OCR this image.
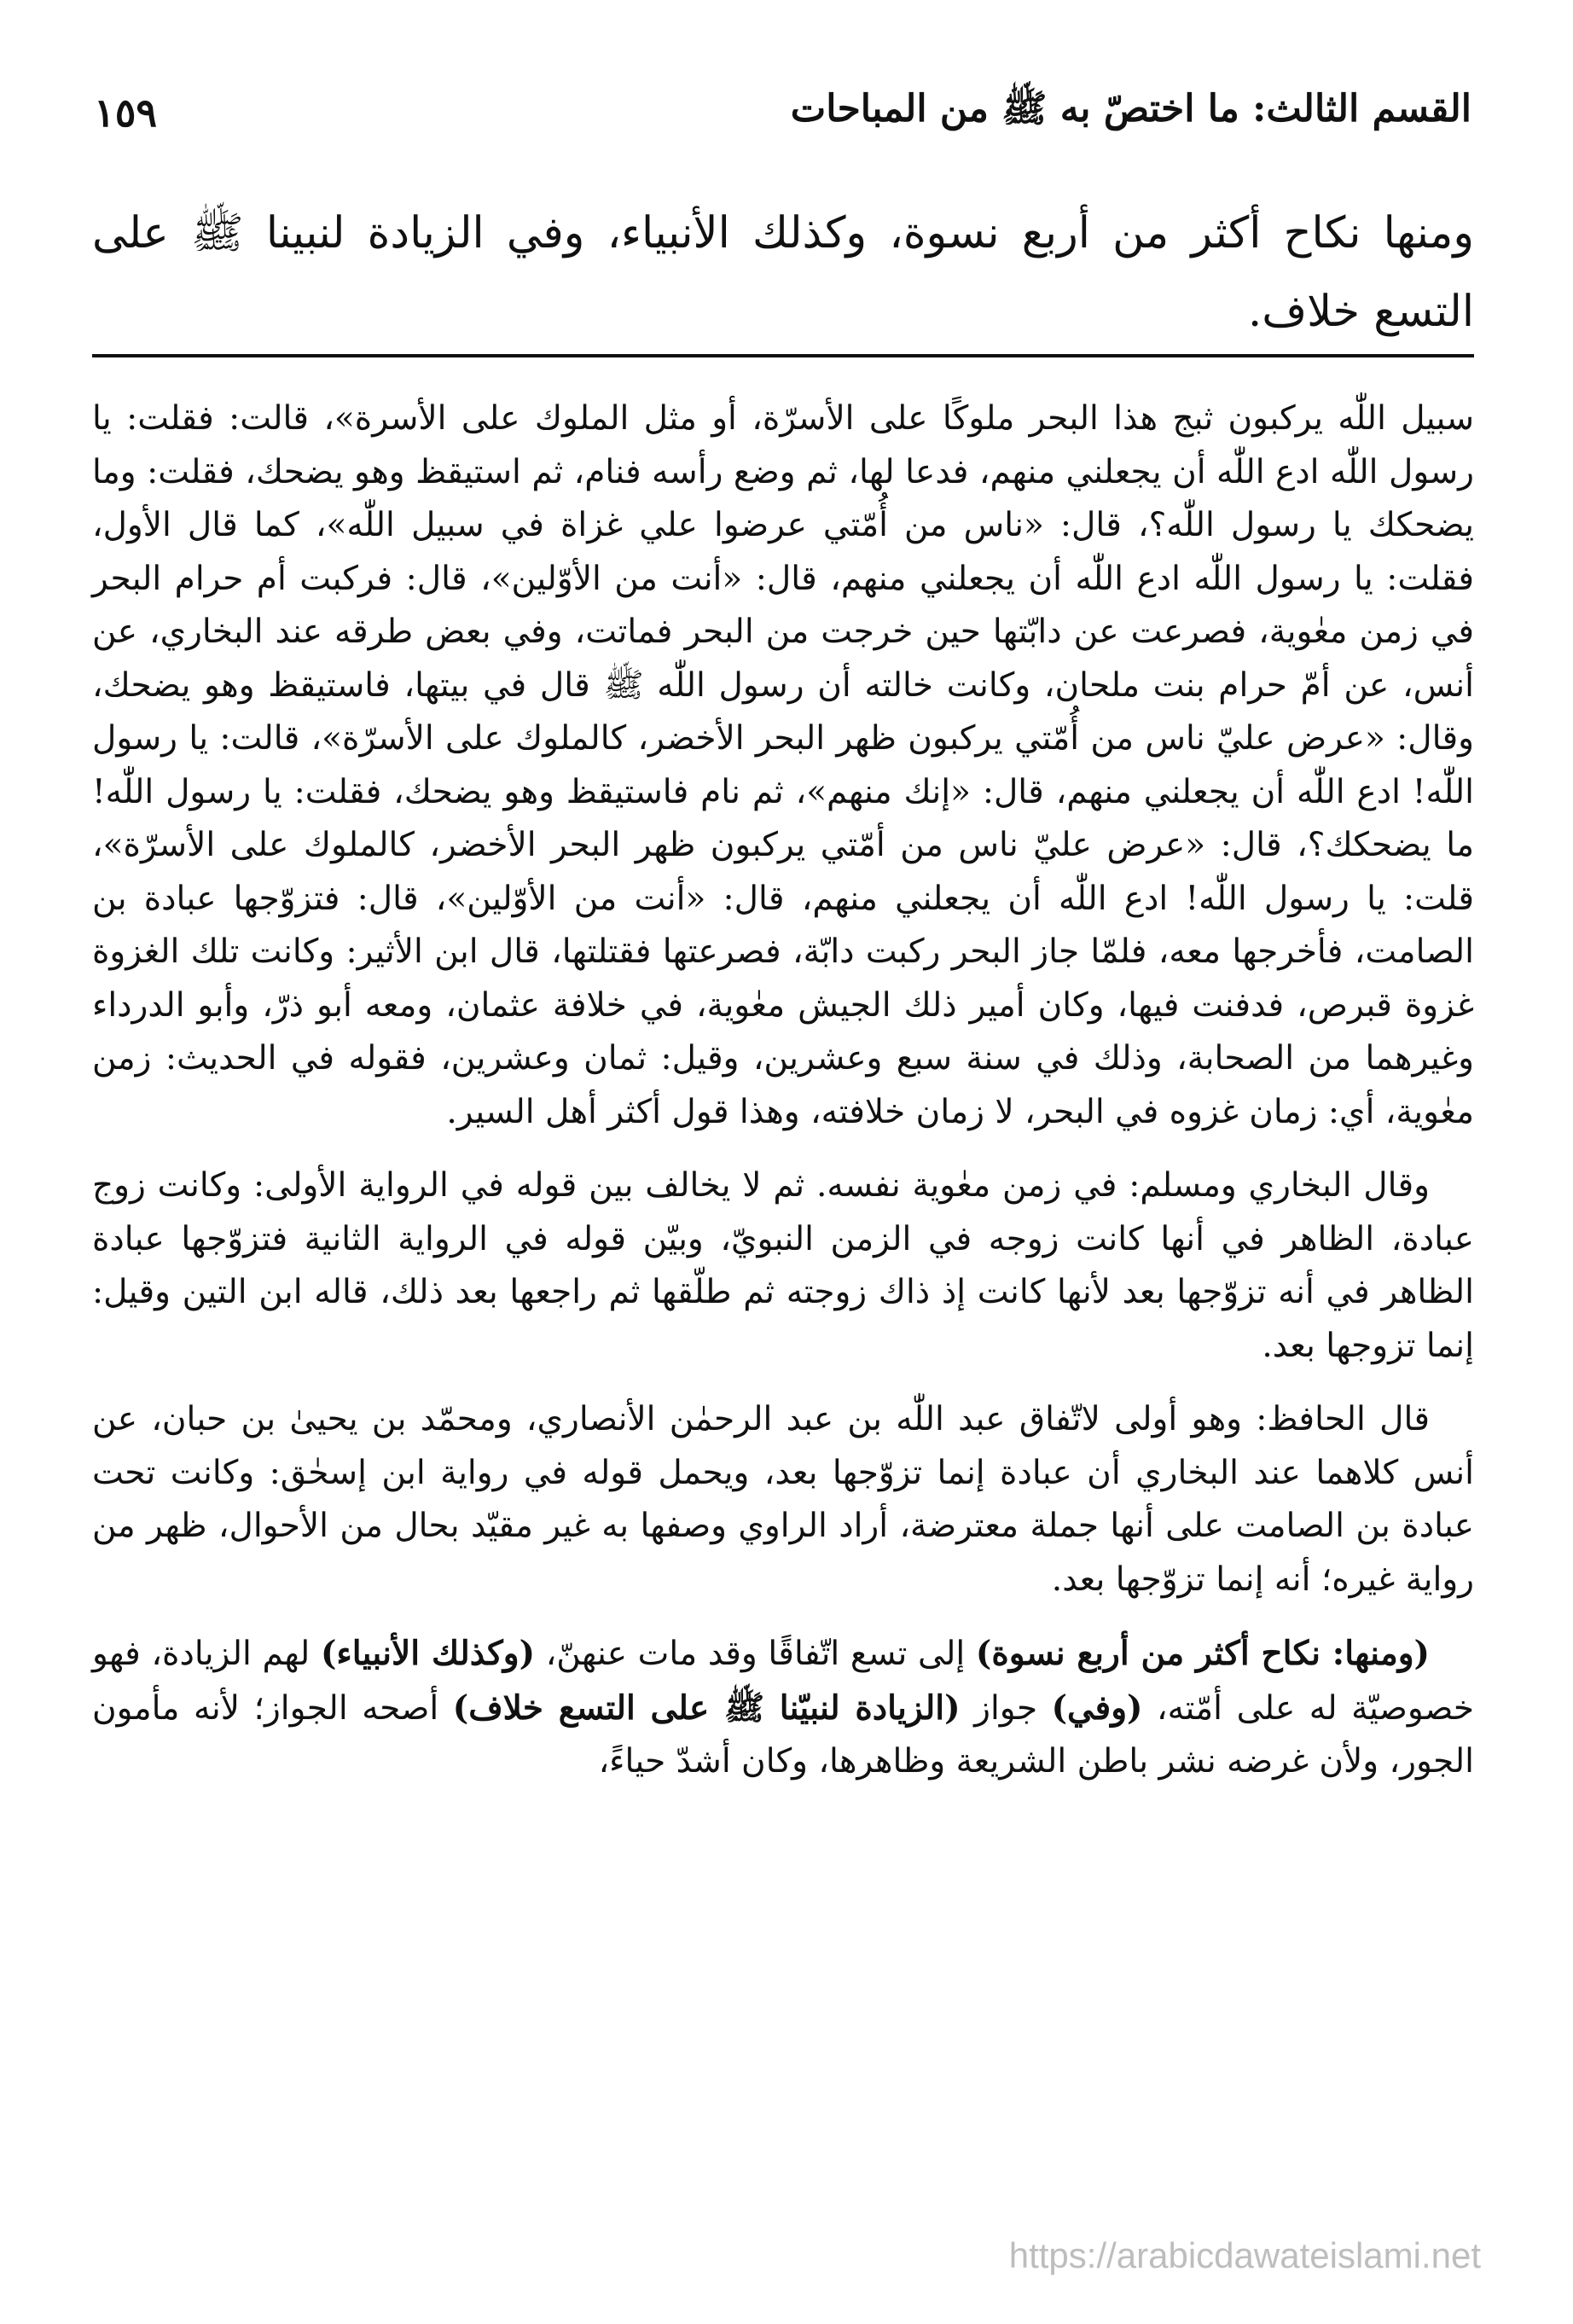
القسم الثالث: ما اختصّ به ﷺ من المباحات
١٥٩
ومنها نكاح أكثر من أربع نسوة، وكذلك الأنبياء، وفي الزيادة لنبينا ﷺ على التسع خلاف.

سبيل اللّٰه يركبون ثبج هذا البحر ملوكًا على الأسرّة، أو مثل الملوك على الأسرة»، قالت: فقلت: يا رسول اللّٰه ادع اللّٰه أن يجعلني منهم، فدعا لها، ثم وضع رأسه فنام، ثم استيقظ وهو يضحك، فقلت: وما يضحكك يا رسول اللّٰه؟، قال: «ناس من أُمّتي عرضوا علي غزاة في سبيل اللّٰه»، كما قال الأول، فقلت: يا رسول اللّٰه ادع اللّٰه أن يجعلني منهم، قال: «أنت من الأوّلين»، قال: فركبت أم حرام البحر في زمن معٰوية، فصرعت عن دابّتها حين خرجت من البحر فماتت، وفي بعض طرقه عند البخاري، عن أنس، عن أمّ حرام بنت ملحان، وكانت خالته أن رسول اللّٰه ﷺ قال في بيتها، فاستيقظ وهو يضحك، وقال: «عرض عليّ ناس من أُمّتي يركبون ظهر البحر الأخضر، كالملوك على الأسرّة»، قالت: يا رسول اللّٰه! ادع اللّٰه أن يجعلني منهم، قال: «إنك منهم»، ثم نام فاستيقظ وهو يضحك، فقلت: يا رسول اللّٰه! ما يضحكك؟، قال: «عرض عليّ ناس من أمّتي يركبون ظهر البحر الأخضر، كالملوك على الأسرّة»، قلت: يا رسول اللّٰه! ادع اللّٰه أن يجعلني منهم، قال: «أنت من الأوّلين»، قال: فتزوّجها عبادة بن الصامت، فأخرجها معه، فلمّا جاز البحر ركبت دابّة، فصرعتها فقتلتها، قال ابن الأثير: وكانت تلك الغزوة غزوة قبرص، فدفنت فيها، وكان أمير ذلك الجيش معٰوية، في خلافة عثمان، ومعه أبو ذرّ، وأبو الدرداء وغيرهما من الصحابة، وذلك في سنة سبع وعشرين، وقيل: ثمان وعشرين، فقوله في الحديث: زمن معٰوية، أي: زمان غزوه في البحر، لا زمان خلافته، وهذا قول أكثر أهل السير.

وقال البخاري ومسلم: في زمن معٰوية نفسه. ثم لا يخالف بين قوله في الرواية الأولى: وكانت زوج عبادة، الظاهر في أنها كانت زوجه في الزمن النبويّ، وبيّن قوله في الرواية الثانية فتزوّجها عبادة الظاهر في أنه تزوّجها بعد لأنها كانت إذ ذاك زوجته ثم طلّقها ثم راجعها بعد ذلك، قاله ابن التين وقيل: إنما تزوجها بعد.

قال الحافظ: وهو أولى لاتّفاق عبد اللّٰه بن عبد الرحمٰن الأنصاري، ومحمّد بن يحيىٰ بن حبان، عن أنس كلاهما عند البخاري أن عبادة إنما تزوّجها بعد، ويحمل قوله في رواية ابن إسحٰق: وكانت تحت عبادة بن الصامت على أنها جملة معترضة، أراد الراوي وصفها به غير مقيّد بحال من الأحوال، ظهر من رواية غيره؛ أنه إنما تزوّجها بعد.

(ومنها: نكاح أكثر من أربع نسوة) إلى تسع اتّفاقًا وقد مات عنهنّ، (وكذلك الأنبياء) لهم الزيادة، فهو خصوصيّة له على أمّته، (وفي) جواز (الزيادة لنبيّنا ﷺ على التسع خلاف) أصحه الجواز؛ لأنه مأمون الجور، ولأن غرضه نشر باطن الشريعة وظاهرها، وكان أشدّ حياءً،

https://arabicdawateislami.net
